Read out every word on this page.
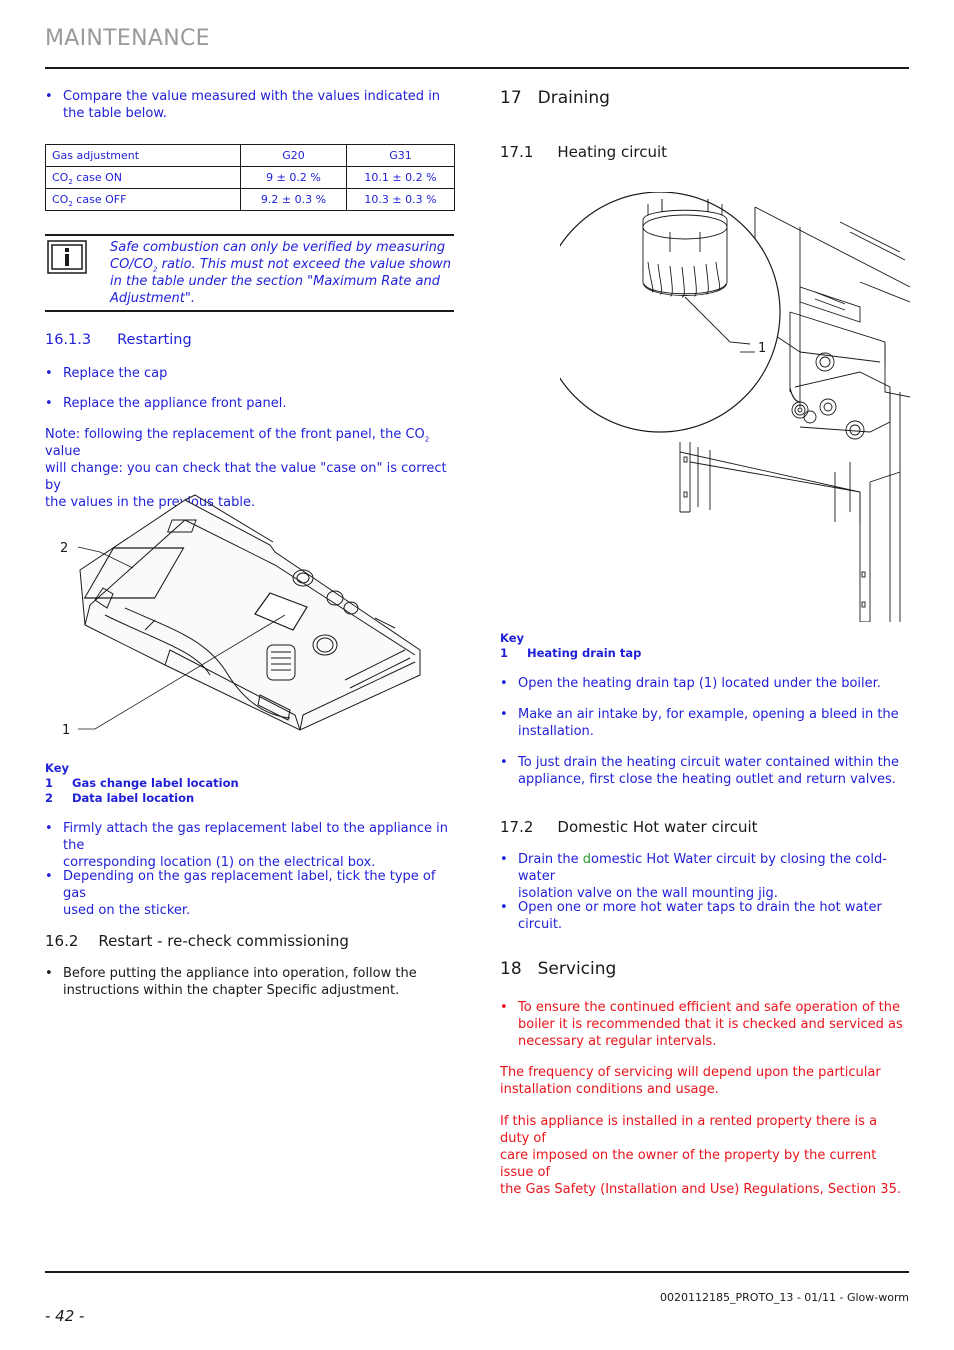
MAINTENANCE
• Compare the value measured with the values indicated in the table below.
Gas adjustment	G20	G31
$CO_2$ case ON	9 ± 0.2 %	10.1 ± 0.2 %
$CO_2$ case OFF	9.2 ± 0.3 %	10.3 ± 0.3 %
Safe combustion can only be verified by measuring
$CO/CO_2$ ratio. This must not exceed the value shown
in the table under the section "Maximum Rate and
Adjustment".
16.1.3 Restarting
• Replace the cap
• Replace the appliance front panel.
Note: following the replacement of the front panel, the $CO_2$ value
will change: you can check that the value "case on" is correct by
the values in the previous table.
2
1
Key
1 Gas change label location
2 Data label location
• Firmly attach the gas replacement label to the appliance in the
corresponding location (1) on the electrical box.
• Depending on the gas replacement label, tick the type of gas
used on the sticker.
16.2 Restart - re-check commissioning
• Before putting the appliance into operation, follow the
instructions within the chapter Specific adjustment.
17 Draining
17.1 Heating circuit
1
Key
1 Heating drain tap
• Open the heating drain tap (1) located under the boiler.
• Make an air intake by, for example, opening a bleed in the
installation.
• To just drain the heating circuit water contained within the
appliance, first close the heating outlet and return valves.
17.2 Domestic Hot water circuit
• Drain the domestic Hot Water circuit by closing the cold-water
isolation valve on the wall mounting jig.
• Open one or more hot water taps to drain the hot water circuit.
18 Servicing
• To ensure the continued efficient and safe operation of the
boiler it is recommended that it is checked and serviced as
necessary at regular intervals.
The frequency of servicing will depend upon the particular
installation conditions and usage.
If this appliance is installed in a rented property there is a duty of
care imposed on the owner of the property by the current issue of
the Gas Safety (Installation and Use) Regulations, Section 35.
0020112185_PROTO_13 - 01/11 - Glow-worm
- 42 -
